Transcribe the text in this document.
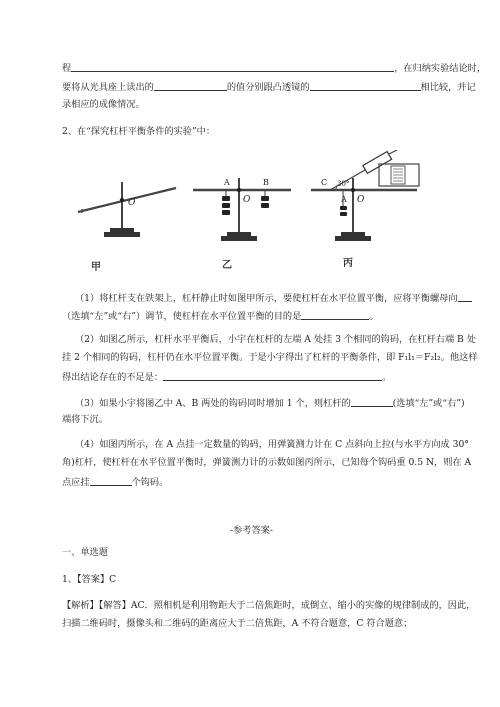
程	，在归纳实验结论时，
要将从光具座上读出的	的值分别跟凸透镜的	相比较，并记
录相应的成像情况。
2、在“探究杠杆平衡条件的实验”中：
O
甲
A	B
O
乙
C
A O
30°
丙
（1）将杠杆支在铁架上，杠杆静止时如图甲所示，要使杠杆在水平位置平衡，应将平衡螺母向
（选填“左”或“右”）调节，使杠杆在水平位置平衡的目的是	。
（2）如图乙所示，杠杆水平平衡后，小宇在杠杆的左端 A 处挂 3 个相同的钩码，在杠杆右端 B 处
挂 2 个相同的钩码，杠杆仍在水平位置平衡。于是小宇得出了杠杆的平衡条件，即 F₁l₁＝F₂l₂。他这样
得出结论存在的不足是：	。
（3）如果小宇将图乙中 A、B 两处的钩码同时增加 1 个，则杠杆的	(选填“左”或“右”)
端将下沉。
（4）如图丙所示，在 A 点挂一定数量的钩码，用弹簧测力计在 C 点斜向上拉(与水平方向成 30°
角)杠杆，使杠杆在水平位置平衡时，弹簧测力计的示数如图丙所示，已知每个钩码重 0.5 N，则在 A
点应挂	个钩码。
-参考答案-
一、单选题
1、【答案】C
【解析】【解答】AC．照相机是利用物距大于二倍焦距时，成倒立、缩小的实像的规律制成的，因此，
扫描二维码时，摄像头和二维码的距离应大于二倍焦距，A 不符合题意，C 符合题意；
